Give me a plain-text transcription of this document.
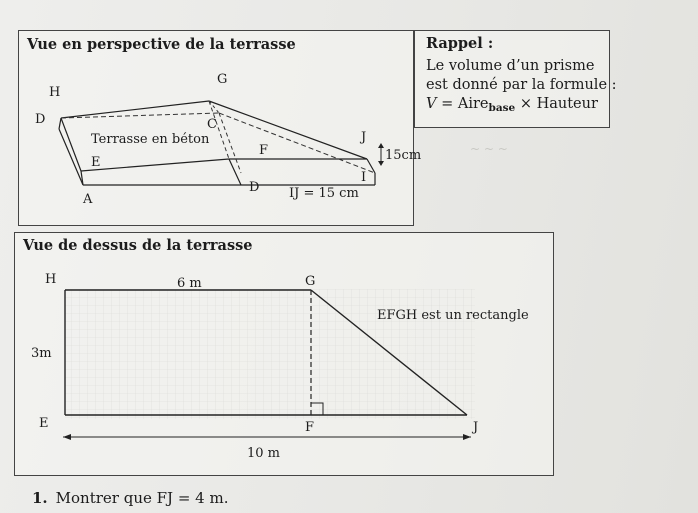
~ ~ ~
Vue en perspective de la terrasse
H
G
D	C
Terrasse en béton
E
F
J
15cm
I
A
D IJ = 15 cm
Rappel :
Le volume d’un prisme
est donné par la formule :
V = Aire$_{base}$ × Hauteur
Vue de dessus de la terrasse
H	6 m	G
EFGH est un rectangle
3m
E	F	J
10 m
1. Montrer que FJ = 4 m.
